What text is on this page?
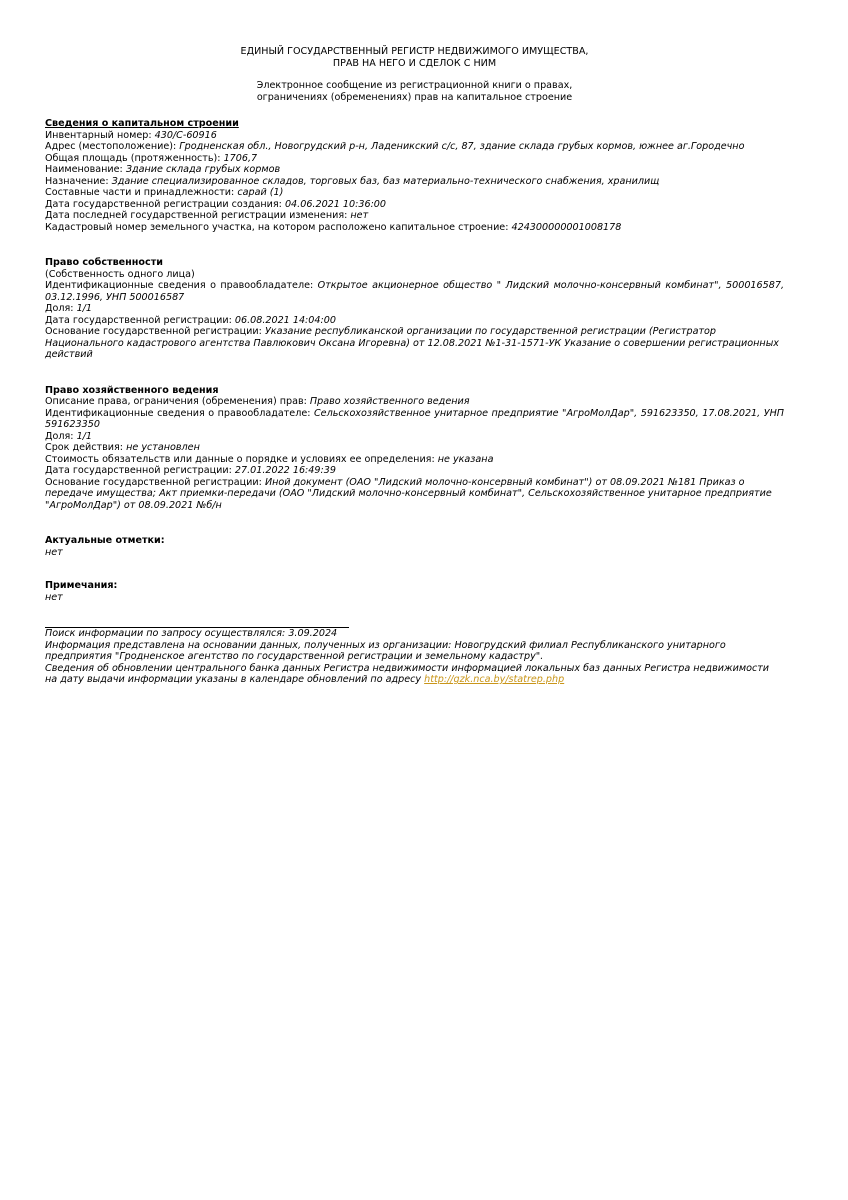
ЕДИНЫЙ ГОСУДАРСТВЕННЫЙ РЕГИСТР НЕДВИЖИМОГО ИМУЩЕСТВА,
ПРАВ НА НЕГО И СДЕЛОК С НИМ
Электронное сообщение из регистрационной книги о правах,
ограничениях (обременениях) прав на капитальное строение
Сведения о капитальном строении
Инвентарный номер: 430/C-60916
Адрес (местоположение): Гродненская обл., Новогрудский р-н, Ладеникский с/с, 87, здание склада грубых кормов, южнее аг.Городечно
Общая площадь (протяженность): 1706,7
Наименование: Здание склада грубых кормов
Назначение: Здание специализированное складов, торговых баз, баз материально-технического снабжения, хранилищ
Составные части и принадлежности: сарай (1)
Дата государственной регистрации создания: 04.06.2021 10:36:00
Дата последней государственной регистрации изменения: нет
Кадастровый номер земельного участка, на котором расположено капитальное строение: 424300000001008178
Право собственности
(Собственность одного лица)
Идентификационные сведения о правообладателе: Открытое акционерное общество " Лидский молочно-консервный комбинат", 500016587, 03.12.1996, УНП 500016587
Доля: 1/1
Дата государственной регистрации: 06.08.2021 14:04:00
Основание государственной регистрации: Указание республиканской организации по государственной регистрации (Регистратор Национального кадастрового агентства Павлюкович Оксана Игоревна) от 12.08.2021 №1-31-1571-УК Указание о совершении регистрационных действий
Право хозяйственного ведения
Описание права, ограничения (обременения) прав: Право хозяйственного ведения
Идентификационные сведения о правообладателе: Сельскохозяйственное унитарное предприятие "АгроМолДар", 591623350, 17.08.2021, УНП 591623350
Доля: 1/1
Срок действия: не установлен
Стоимость обязательств или данные о порядке и условиях ее определения: не указана
Дата государственной регистрации: 27.01.2022 16:49:39
Основание государственной регистрации: Иной документ (ОАО "Лидский молочно-консервный комбинат") от 08.09.2021 №181 Приказ о передаче имущества; Акт приемки-передачи (ОАО "Лидский молочно-консервный комбинат", Сельскохозяйственное унитарное предприятие "АгроМолДар") от 08.09.2021 №б/н
Актуальные отметки:
нет
Примечания:
нет
Поиск информации по запросу осуществлялся: 3.09.2024
Информация представлена на основании данных, полученных из организации: Новогрудский филиал Республиканского унитарного предприятия "Гродненское агентство по государственной регистрации и земельному кадастру".
Сведения об обновлении центрального банка данных Регистра недвижимости информацией локальных баз данных Регистра недвижимости на дату выдачи информации указаны в календаре обновлений по адресу http://gzk.nca.by/statrep.php
